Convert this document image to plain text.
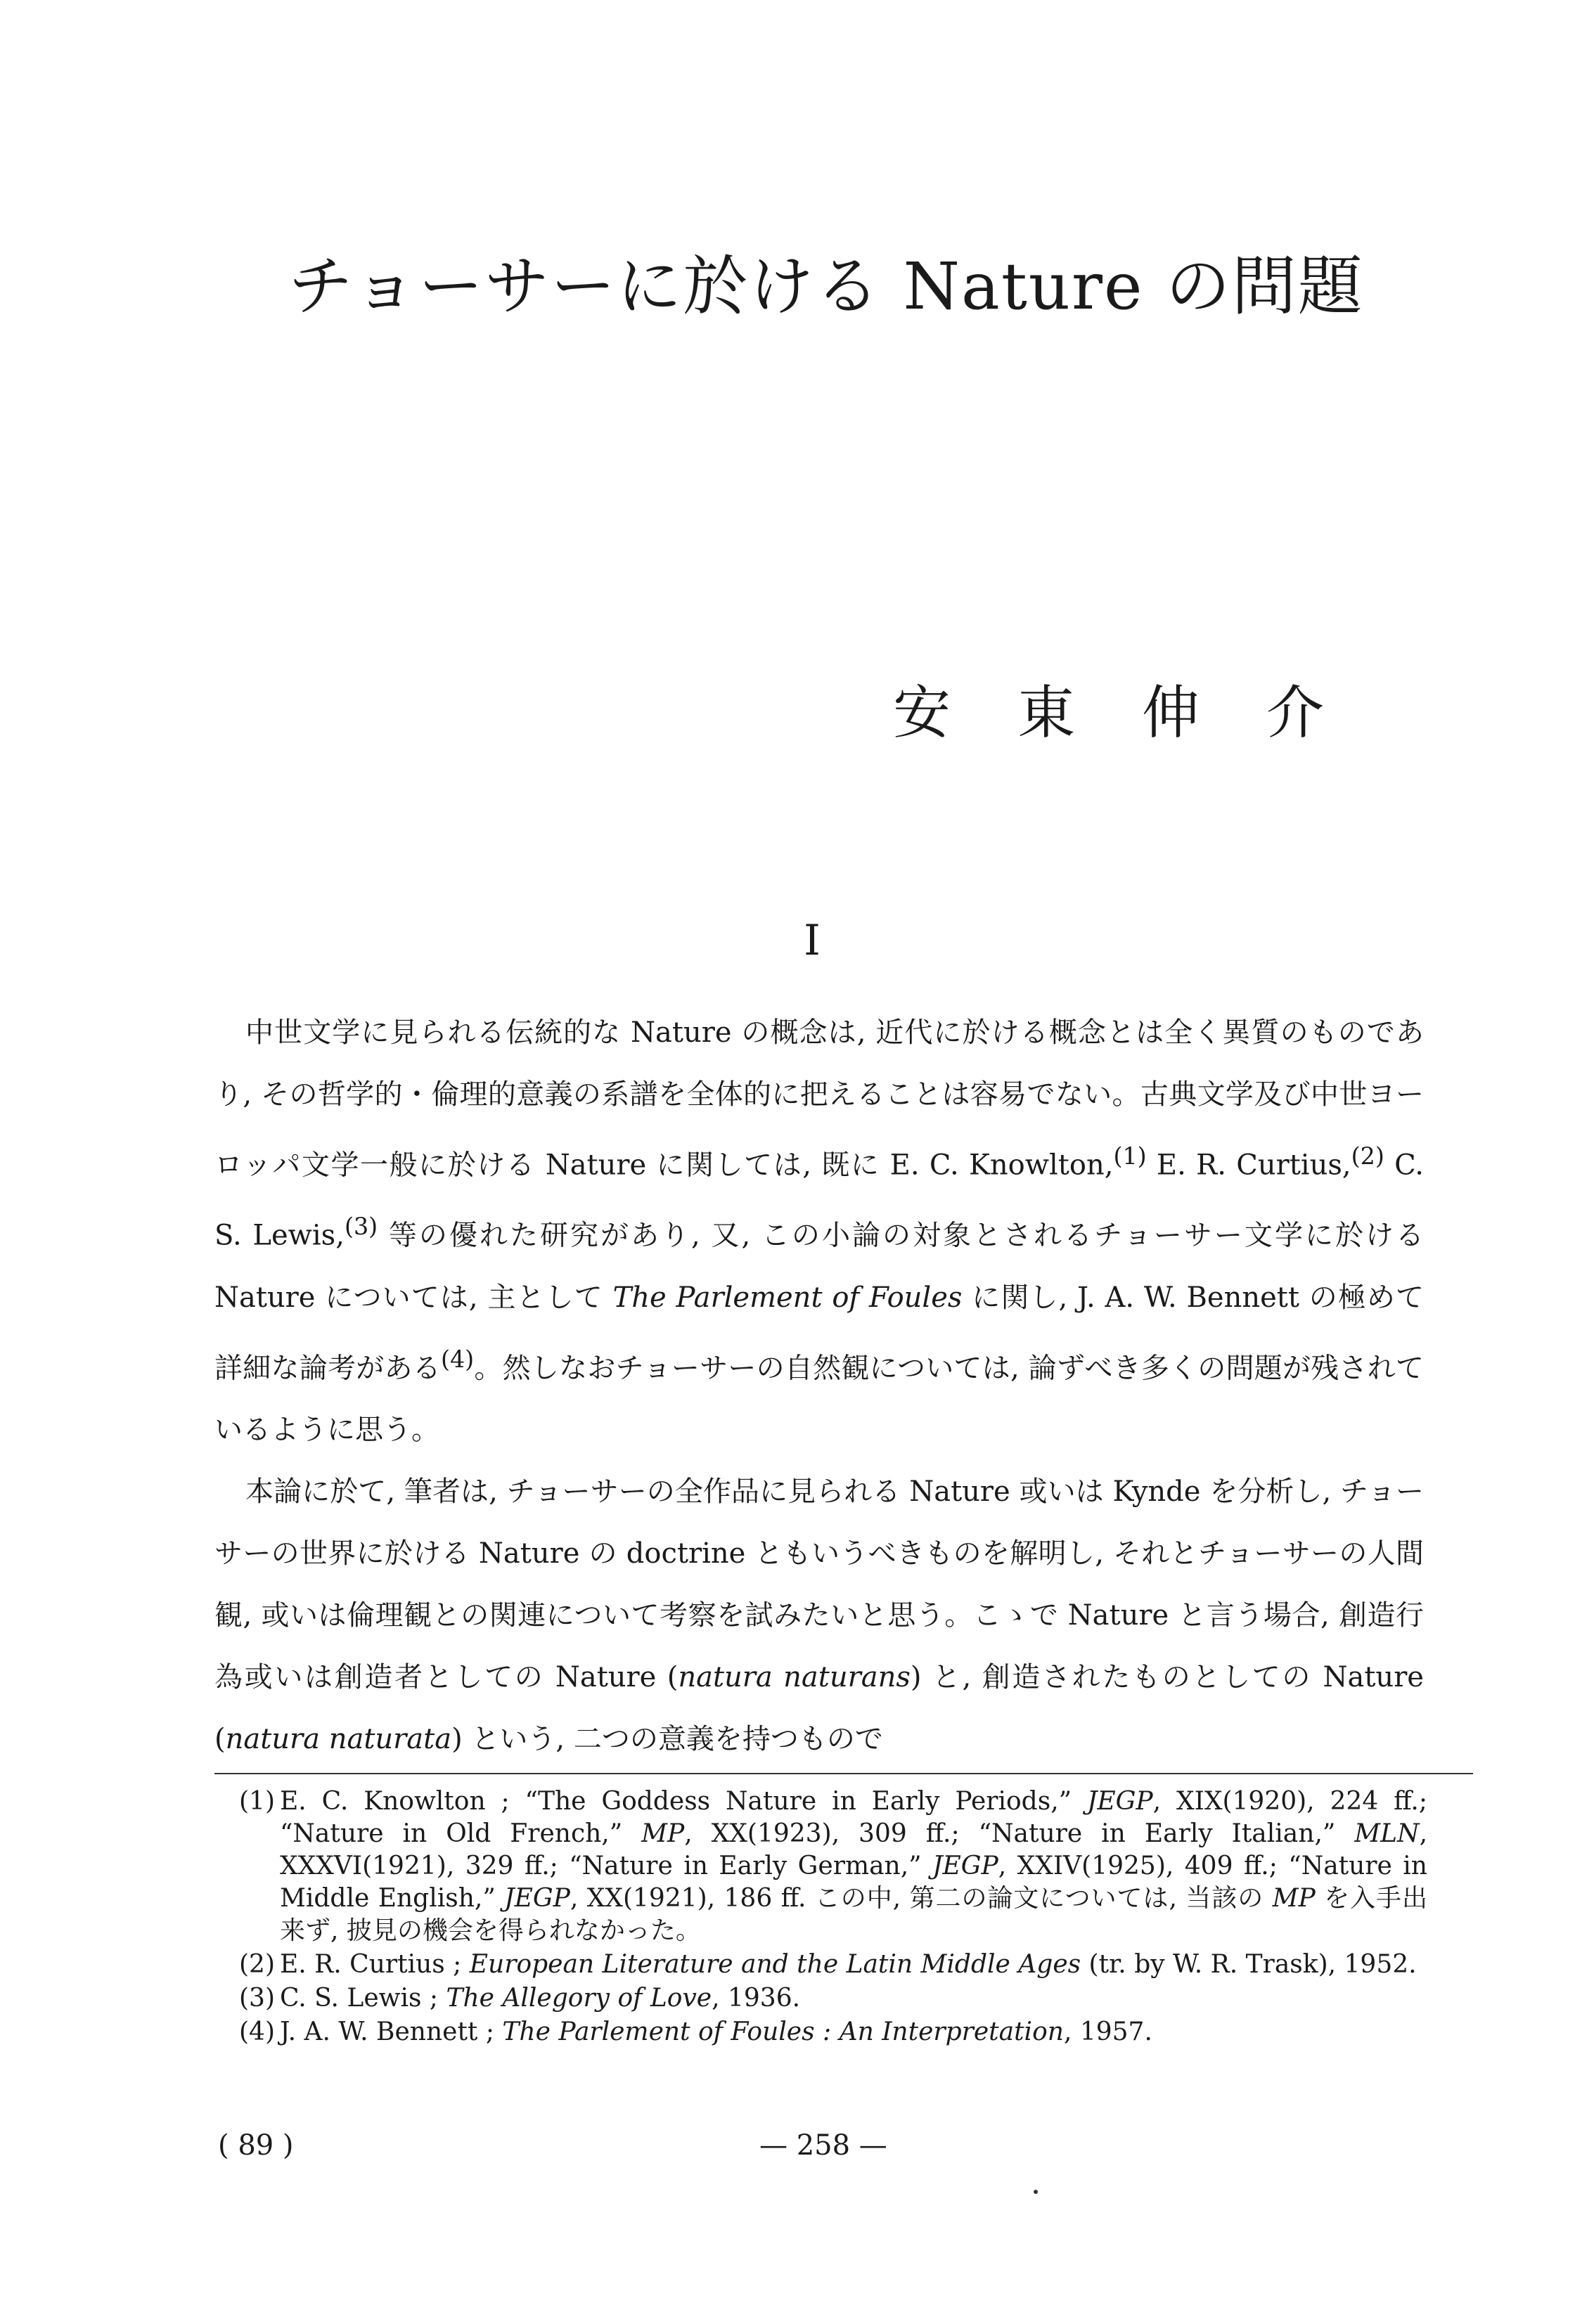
チョーサーに於ける Nature の問題
安東伸介
I

中世文学に見られる伝統的な Nature の概念は, 近代に於ける概念とは全く異質のものであり, その哲学的・倫理的意義の系譜を全体的に把えることは容易でない。古典文学及び中世ヨーロッパ文学一般に於ける Nature に関しては, 既に E. C. Knowlton,$^{(1)}$ E. R. Curtius,$^{(2)}$ C. S. Lewis,$^{(3)}$ 等の優れた研究があり, 又, この小論の対象とされるチョーサー文学に於ける Nature については, 主として The Parlement of Foules に関し, J. A. W. Bennett の極めて詳細な論考がある$^{(4)}$。然しなおチョーサーの自然観については, 論ずべき多くの問題が残されているように思う。

本論に於て, 筆者は, チョーサーの全作品に見られる Nature 或いは Kynde を分析し, チョーサーの世界に於ける Nature の doctrine ともいうべきものを解明し, それとチョーサーの人間観, 或いは倫理観との関連について考察を試みたいと思う。こゝで Nature と言う場合, 創造行為或いは創造者としての Nature (natura naturans) と, 創造されたものとしての Nature (natura naturata) という, 二つの意義を持つもので

(1) E. C. Knowlton ; “The Goddess Nature in Early Periods,” JEGP, XIX(1920), 224 ff.; “Nature in Old French,” MP, XX(1923), 309 ff.; “Nature in Early Italian,” MLN, XXXVI(1921), 329 ff.; “Nature in Early German,” JEGP, XXIV(1925), 409 ff.; “Nature in Middle English,” JEGP, XX(1921), 186 ff. この中, 第二の論文については, 当該の MP を入手出来ず, 披見の機会を得られなかった。
(2) E. R. Curtius ; European Literature and the Latin Middle Ages (tr. by W. R. Trask), 1952.
(3) C. S. Lewis ; The Allegory of Love, 1936.
(4) J. A. W. Bennett ; The Parlement of Foules : An Interpretation, 1957.
( 89 )	— 258 —
